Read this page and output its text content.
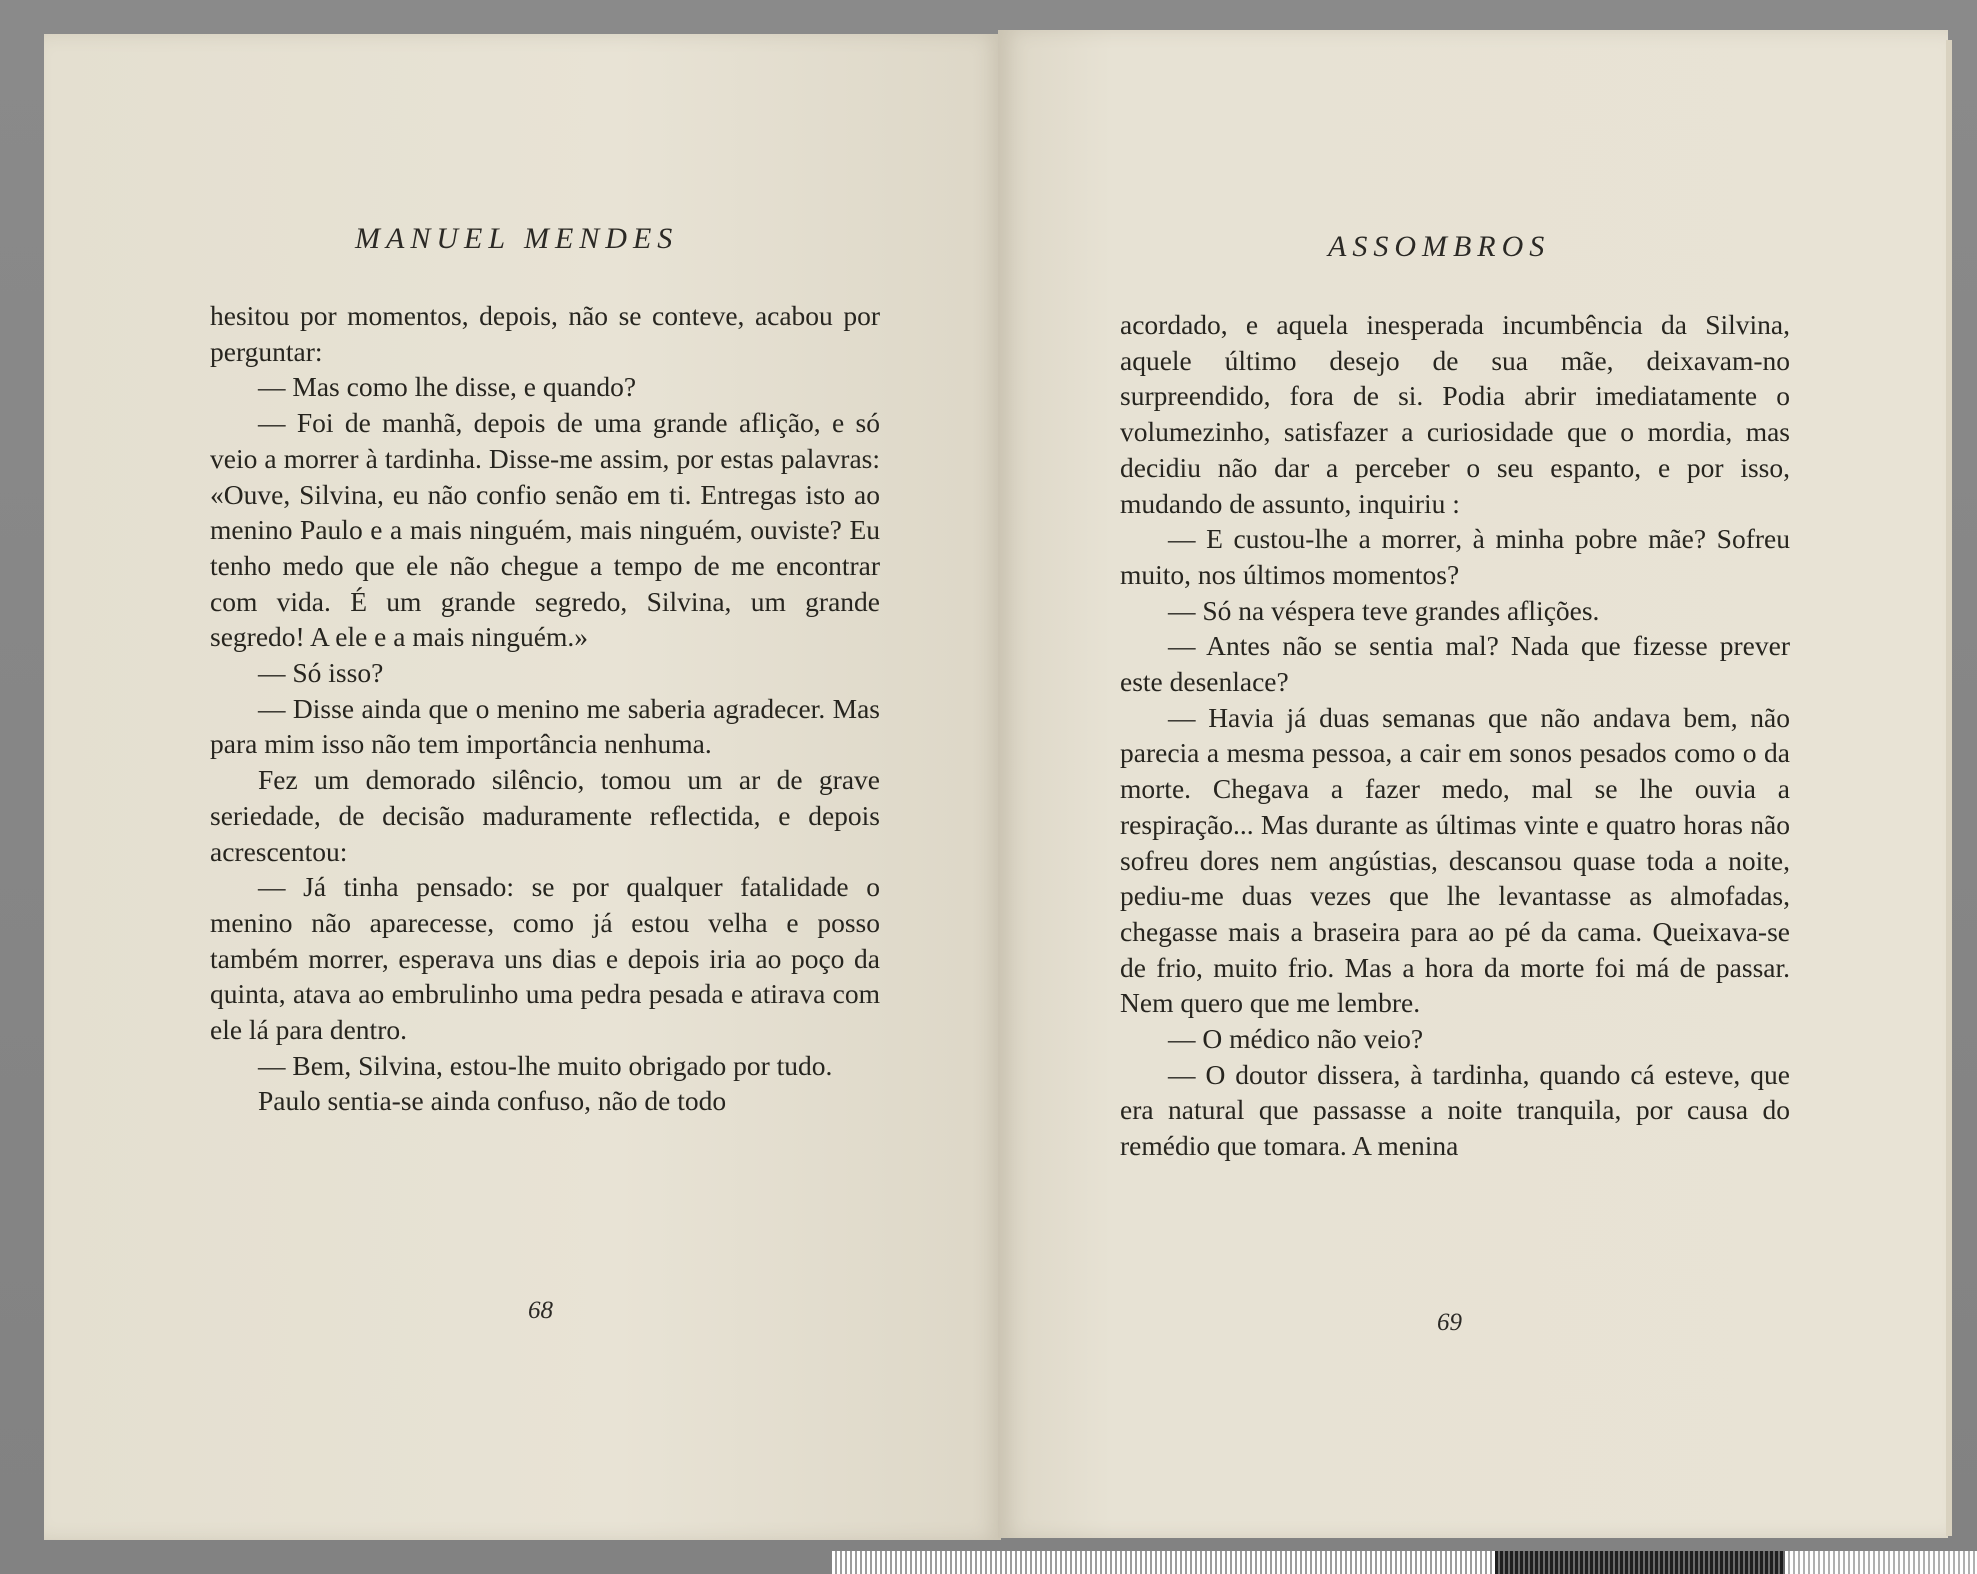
MANUEL MENDES

hesitou por momentos, depois, não se conteve, acabou por perguntar:

— Mas como lhe disse, e quando?

— Foi de manhã, depois de uma grande aflição, e só veio a morrer à tardinha. Disse-me assim, por estas palavras: «Ouve, Silvina, eu não confio senão em ti. Entregas isto ao menino Paulo e a mais ninguém, mais ninguém, ouviste? Eu tenho medo que ele não chegue a tempo de me encontrar com vida. É um grande segredo, Silvina, um grande segredo! A ele e a mais ninguém.»

— Só isso?

— Disse ainda que o menino me saberia agradecer. Mas para mim isso não tem importância nenhuma.

Fez um demorado silêncio, tomou um ar de grave seriedade, de decisão maduramente reflectida, e depois acrescentou:

— Já tinha pensado: se por qualquer fatalidade o menino não aparecesse, como já estou velha e posso também morrer, esperava uns dias e depois iria ao poço da quinta, atava ao embrulinho uma pedra pesada e atirava com ele lá para dentro.

— Bem, Silvina, estou-lhe muito obrigado por tudo.

Paulo sentia-se ainda confuso, não de todo

68
ASSOMBROS

acordado, e aquela inesperada incumbência da Silvina, aquele último desejo de sua mãe, deixavam-no surpreendido, fora de si. Podia abrir imediatamente o volumezinho, satisfazer a curiosidade que o mordia, mas decidiu não dar a perceber o seu espanto, e por isso, mudando de assunto, inquiriu :

— E custou-lhe a morrer, à minha pobre mãe? Sofreu muito, nos últimos momentos?

— Só na véspera teve grandes aflições.

— Antes não se sentia mal? Nada que fizesse prever este desenlace?

— Havia já duas semanas que não andava bem, não parecia a mesma pessoa, a cair em sonos pesados como o da morte. Chegava a fazer medo, mal se lhe ouvia a respiração... Mas durante as últimas vinte e quatro horas não sofreu dores nem angústias, descansou quase toda a noite, pediu-me duas vezes que lhe levantasse as almofadas, chegasse mais a braseira para ao pé da cama. Queixava-se de frio, muito frio. Mas a hora da morte foi má de passar. Nem quero que me lembre.

— O médico não veio?

— O doutor dissera, à tardinha, quando cá esteve, que era natural que passasse a noite tranquila, por causa do remédio que tomara. A menina

69
